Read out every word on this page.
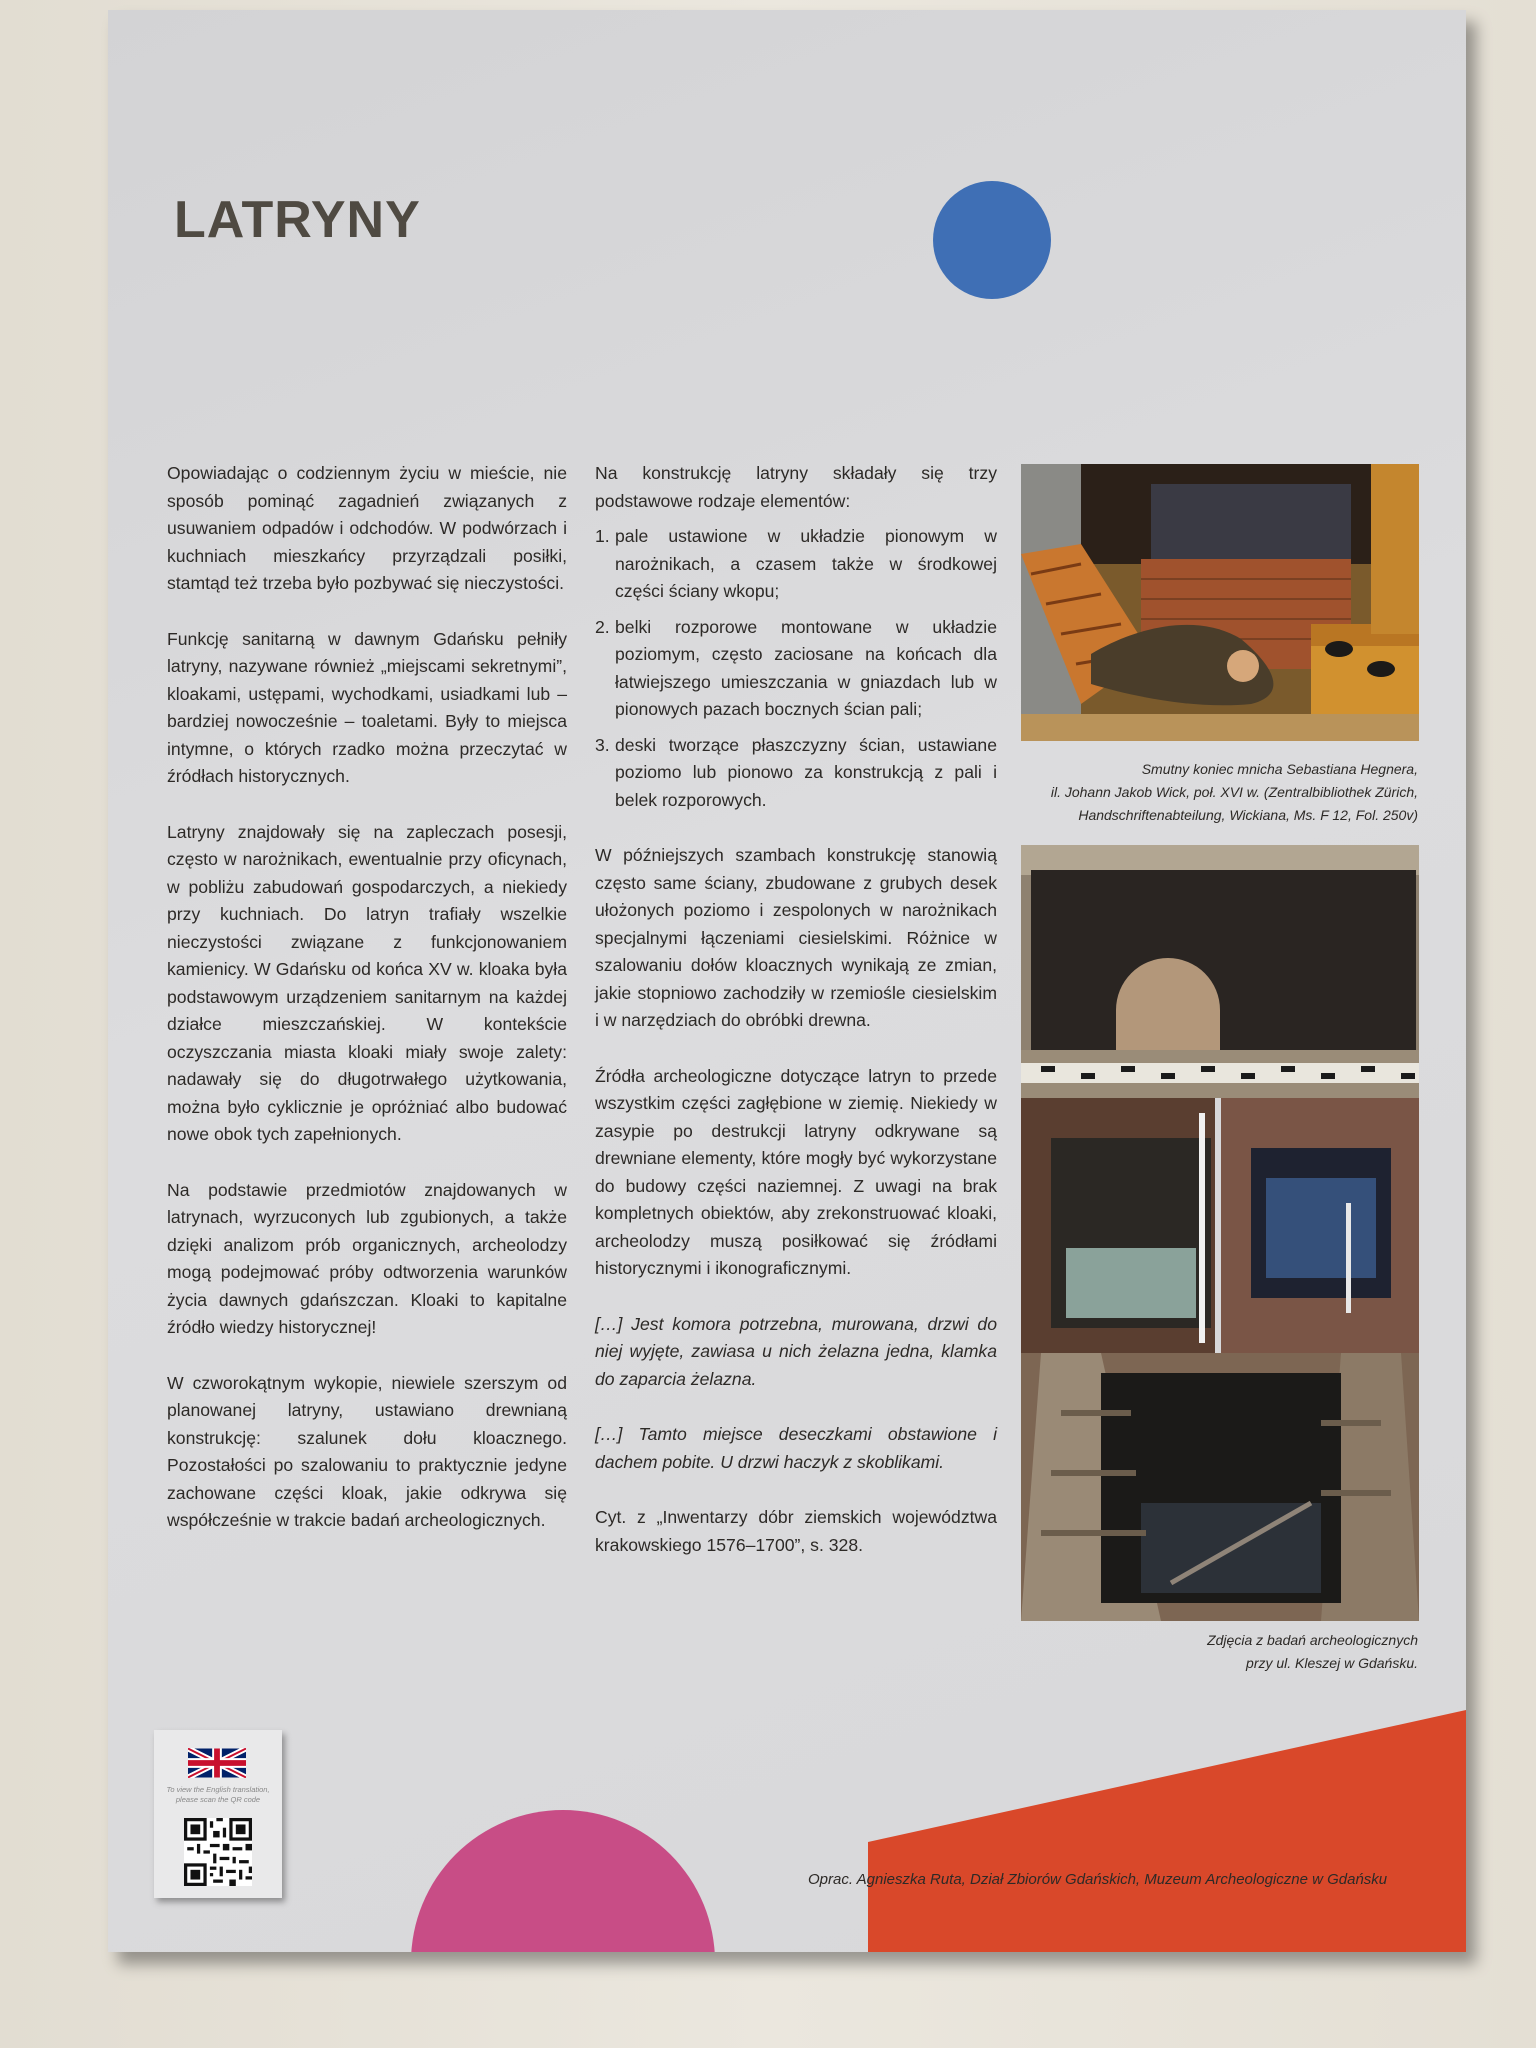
LATRYNY

Opowiadając o codziennym życiu w mieście, nie sposób pominąć zagadnień związanych z usuwaniem odpadów i odchodów. W podwórzach i kuchniach mieszkańcy przyrządzali posiłki, stamtąd też trzeba było pozbywać się nieczystości.

Funkcję sanitarną w dawnym Gdańsku pełniły latryny, nazywane również „miejscami sekretnymi”, kloakami, ustępami, wychodkami, usiadkami lub – bardziej nowocześnie – toaletami. Były to miejsca intymne, o których rzadko można przeczytać w źródłach historycznych.

Latryny znajdowały się na zapleczach posesji, często w narożnikach, ewentualnie przy oficynach, w pobliżu zabudowań gospodarczych, a niekiedy przy kuchniach. Do latryn trafiały wszelkie nieczystości związane z funkcjonowaniem kamienicy. W Gdańsku od końca XV w. kloaka była podstawowym urządzeniem sanitarnym na każdej działce mieszczańskiej. W kontekście oczyszczania miasta kloaki miały swoje zalety: nadawały się do długotrwałego użytkowania, można było cyklicznie je opróżniać albo budować nowe obok tych zapełnionych.

Na podstawie przedmiotów znajdowanych w latrynach, wyrzuconych lub zgubionych, a także dzięki analizom prób organicznych, archeolodzy mogą podejmować próby odtworzenia warunków życia dawnych gdańszczan. Kloaki to kapitalne źródło wiedzy historycznej!

W czworokątnym wykopie, niewiele szerszym od planowanej latryny, ustawiano drewnianą konstrukcję: szalunek dołu kloacznego. Pozostałości po szalowaniu to praktycznie jedyne zachowane części kloak, jakie odkrywa się współcześnie w trakcie badań archeologicznych.

Na konstrukcję latryny składały się trzy podstawowe rodzaje elementów:

1. pale ustawione w układzie pionowym w narożnikach, a czasem także w środkowej części ściany wkopu;
2. belki rozporowe montowane w układzie poziomym, często zaciosane na końcach dla łatwiejszego umieszczania w gniazdach lub w pionowych pazach bocznych ścian pali;
3. deski tworzące płaszczyzny ścian, ustawiane poziomo lub pionowo za konstrukcją z pali i belek rozporowych.

W późniejszych szambach konstrukcję stanowią często same ściany, zbudowane z grubych desek ułożonych poziomo i zespolonych w narożnikach specjalnymi łączeniami ciesielskimi. Różnice w szalowaniu dołów kloacznych wynikają ze zmian, jakie stopniowo zachodziły w rzemiośle ciesielskim i w narzędziach do obróbki drewna.

Źródła archeologiczne dotyczące latryn to przede wszystkim części zagłębione w ziemię. Niekiedy w zasypie po destrukcji latryny odkrywane są drewniane elementy, które mogły być wykorzystane do budowy części naziemnej. Z uwagi na brak kompletnych obiektów, aby zrekonstruować kloaki, archeolodzy muszą posiłkować się źródłami historycznymi i ikonograficznymi.

[…] Jest komora potrzebna, murowana, drzwi do niej wyjęte, zawiasa u nich żelazna jedna, klamka do zaparcia żelazna.

[…] Tamto miejsce deseczkami obstawione i dachem pobite. U drzwi haczyk z skoblikami.

Cyt. z „Inwentarzy dóbr ziemskich województwa krakowskiego 1576–1700”, s. 328.

Smutny koniec mnicha Sebastiana Hegnera,
il. Johann Jakob Wick, poł. XVI w. (Zentralbibliothek Zürich,
Handschriftenabteilung, Wickiana, Ms. F 12, Fol. 250v)
Zdjęcia z badań archeologicznych
przy ul. Kleszej w Gdańsku.
To view the English translation,
please scan the QR code
Oprac. Agnieszka Ruta, Dział Zbiorów Gdańskich, Muzeum Archeologiczne w Gdańsku
